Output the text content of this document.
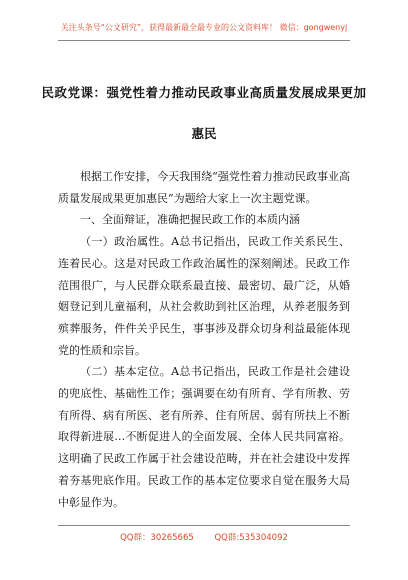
关注头条号“公文研究”，获得最新最全最专业的公文资料库！ 微信：gongwenyj
民政党课：强党性着力推动民政事业高质量发展成果更加
惠民

根据工作安排，今天我围绕“强党性着力推动民政事业高质量发展成果更加惠民”为题给大家上一次主题党课。

一、全面辩证，准确把握民政工作的本质内涵

（一）政治属性。A总书记指出，民政工作关系民生、连着民心。这是对民政工作政治属性的深刻阐述。民政工作范围很广，与人民群众联系最直接、最密切、最广泛，从婚姻登记到儿童福利，从社会救助到社区治理，从养老服务到殡葬服务，件件关乎民生，事事涉及群众切身利益最能体现党的性质和宗旨。

（二）基本定位。A总书记指出，民政工作是社会建设的兜底性、基础性工作；强调要在幼有所育、学有所教、劳有所得、病有所医、老有所养、住有所居、弱有所扶上不断取得新进展…不断促进人的全面发展、全体人民共同富裕。这明确了民政工作属于社会建设范畴，并在社会建设中发挥着夯基兜底作用。民政工作的基本定位要求自觉在服务大局中彰显作为。

QQ群：30265665 QQ群:535304092
